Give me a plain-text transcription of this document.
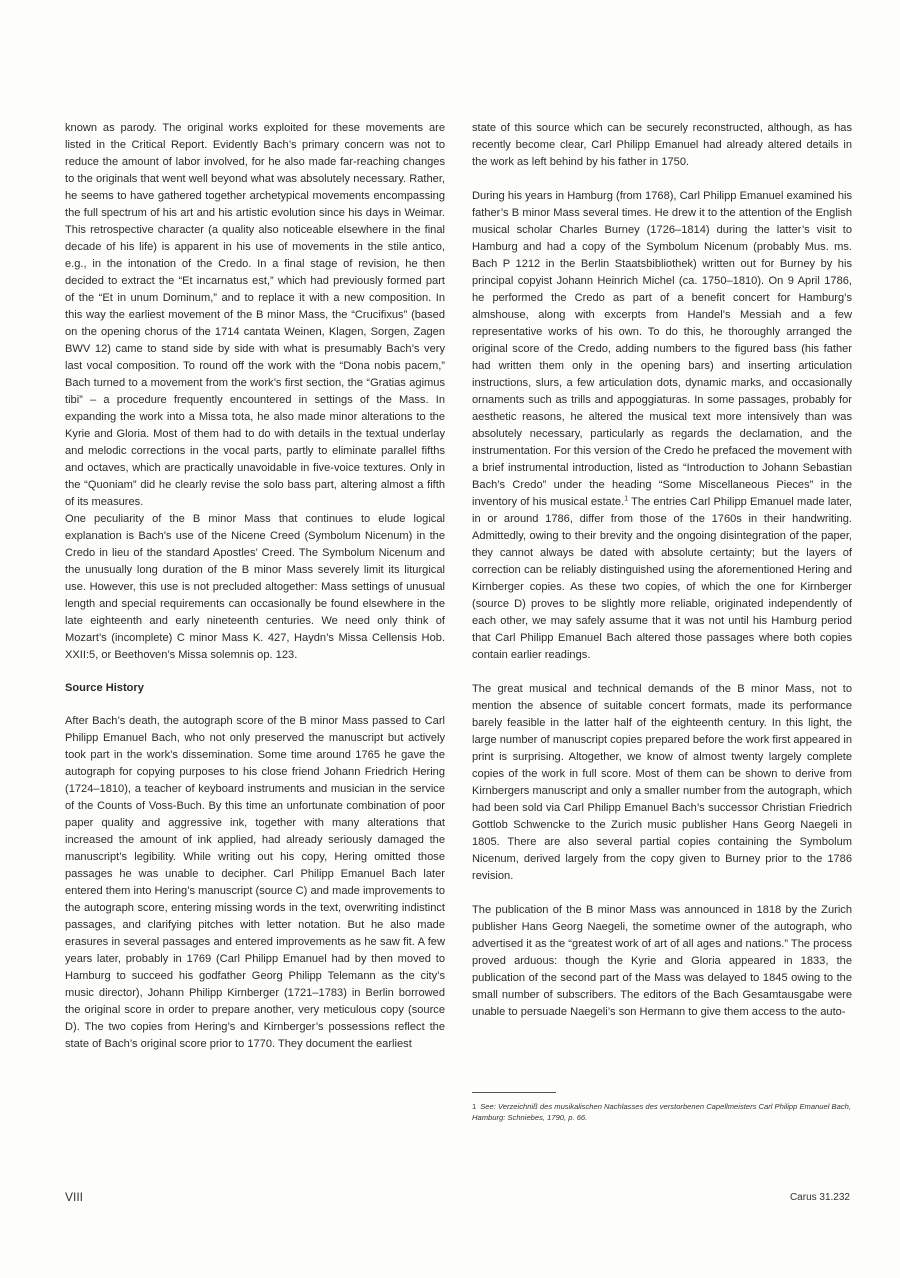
known as parody. The original works exploited for these movements are listed in the Critical Report. Evidently Bach’s primary concern was not to reduce the amount of labor involved, for he also made far-reaching changes to the originals that went well beyond what was absolutely necessary. Rather, he seems to have gathered together archetypical movements encompassing the full spectrum of his art and his artistic evolution since his days in Weimar. This retrospective character (a quality also noticeable elsewhere in the final decade of his life) is apparent in his use of movements in the stile antico, e.g., in the intonation of the Credo. In a final stage of revision, he then decided to extract the “Et incarnatus est,” which had previously formed part of the “Et in unum Dominum,” and to replace it with a new composition. In this way the earliest movement of the B minor Mass, the “Crucifixus” (based on the opening chorus of the 1714 cantata Weinen, Klagen, Sorgen, Zagen BWV 12) came to stand side by side with what is presumably Bach’s very last vocal composition. To round off the work with the “Dona nobis pacem,” Bach turned to a movement from the work’s first section, the “Gratias agimus tibi” – a procedure frequently encountered in settings of the Mass. In expanding the work into a Missa tota, he also made minor alterations to the Kyrie and Gloria. Most of them had to do with details in the textual underlay and melodic corrections in the vocal parts, partly to eliminate parallel fifths and octaves, which are practically unavoidable in five-voice textures. Only in the “Quoniam” did he clearly revise the solo bass part, altering almost a fifth of its measures.

One peculiarity of the B minor Mass that continues to elude logical explanation is Bach’s use of the Nicene Creed (Symbolum Nicenum) in the Credo in lieu of the standard Apostles’ Creed. The Symbolum Nicenum and the unusually long duration of the B minor Mass severely limit its liturgical use. However, this use is not precluded altogether: Mass settings of unusual length and special requirements can occasionally be found elsewhere in the late eighteenth and early nineteenth centuries. We need only think of Mozart’s (incomplete) C minor Mass K. 427, Haydn’s Missa Cellensis Hob. XXII:5, or Beethoven’s Missa solemnis op. 123.

Source History

After Bach’s death, the autograph score of the B minor Mass passed to Carl Philipp Emanuel Bach, who not only preserved the manuscript but actively took part in the work’s dissemination. Some time around 1765 he gave the autograph for copying purposes to his close friend Johann Friedrich Hering (1724–1810), a teacher of keyboard instruments and musician in the service of the Counts of Voss-Buch. By this time an unfortunate combination of poor paper quality and aggressive ink, together with many alterations that increased the amount of ink applied, had already seriously damaged the manuscript’s legibility. While writing out his copy, Hering omitted those passages he was unable to decipher. Carl Philipp Emanuel Bach later entered them into Hering’s manuscript (source C) and made improvements to the autograph score, entering missing words in the text, overwriting indistinct passages, and clarifying pitches with letter notation. But he also made erasures in several passages and entered improvements as he saw fit. A few years later, probably in 1769 (Carl Philipp Emanuel had by then moved to Hamburg to succeed his godfather Georg Philipp Telemann as the city’s music director), Johann Philipp Kirnberger (1721–1783) in Berlin borrowed the original score in order to prepare another, very meticulous copy (source D). The two copies from Hering’s and Kirnberger’s possessions reflect the state of Bach’s original score prior to 1770. They document the earliest

state of this source which can be securely reconstructed, although, as has recently become clear, Carl Philipp Emanuel had already altered details in the work as left behind by his father in 1750.

During his years in Hamburg (from 1768), Carl Philipp Emanuel examined his father’s B minor Mass several times. He drew it to the attention of the English musical scholar Charles Burney (1726–1814) during the latter’s visit to Hamburg and had a copy of the Symbolum Nicenum (probably Mus. ms. Bach P 1212 in the Berlin Staatsbibliothek) written out for Burney by his principal copyist Johann Heinrich Michel (ca. 1750–1810). On 9 April 1786, he performed the Credo as part of a benefit concert for Hamburg’s almshouse, along with excerpts from Handel’s Messiah and a few representative works of his own. To do this, he thoroughly arranged the original score of the Credo, adding numbers to the figured bass (his father had written them only in the opening bars) and inserting articulation instructions, slurs, a few articulation dots, dynamic marks, and occasionally ornaments such as trills and appoggiaturas. In some passages, probably for aesthetic reasons, he altered the musical text more intensively than was absolutely necessary, particularly as regards the declamation, and the instrumentation. For this version of the Credo he prefaced the movement with a brief instrumental introduction, listed as “Introduction to Johann Sebastian Bach’s Credo” under the heading “Some Miscellaneous Pieces” in the inventory of his musical estate.$^1$ The entries Carl Philipp Emanuel made later, in or around 1786, differ from those of the 1760s in their handwriting. Admittedly, owing to their brevity and the ongoing disintegration of the paper, they cannot always be dated with absolute certainty; but the layers of correction can be reliably distinguished using the aforementioned Hering and Kirnberger copies. As these two copies, of which the one for Kirnberger (source D) proves to be slightly more reliable, originated independently of each other, we may safely assume that it was not until his Hamburg period that Carl Philipp Emanuel Bach altered those passages where both copies contain earlier readings.

The great musical and technical demands of the B minor Mass, not to mention the absence of suitable concert formats, made its performance barely feasible in the latter half of the eighteenth century. In this light, the large number of manuscript copies prepared before the work first appeared in print is surprising. Altogether, we know of almost twenty largely complete copies of the work in full score. Most of them can be shown to derive from Kirnbergers manuscript and only a smaller number from the autograph, which had been sold via Carl Philipp Emanuel Bach’s successor Christian Friedrich Gottlob Schwencke to the Zurich music publisher Hans Georg Naegeli in 1805. There are also several partial copies containing the Symbolum Nicenum, derived largely from the copy given to Burney prior to the 1786 revision.

The publication of the B minor Mass was announced in 1818 by the Zurich publisher Hans Georg Naegeli, the sometime owner of the autograph, who advertised it as the “greatest work of art of all ages and nations.” The process proved arduous: though the Kyrie and Gloria appeared in 1833, the publication of the second part of the Mass was delayed to 1845 owing to the small number of subscribers. The editors of the Bach Gesamtausgabe were unable to persuade Naegeli’s son Hermann to give them access to the auto-

1 See: Verzeichniß des musikalischen Nachlasses des verstorbenen Capellmeisters Carl Philipp Emanuel Bach, Hamburg: Schniebes, 1790, p. 66.
VIII	Carus 31.232
